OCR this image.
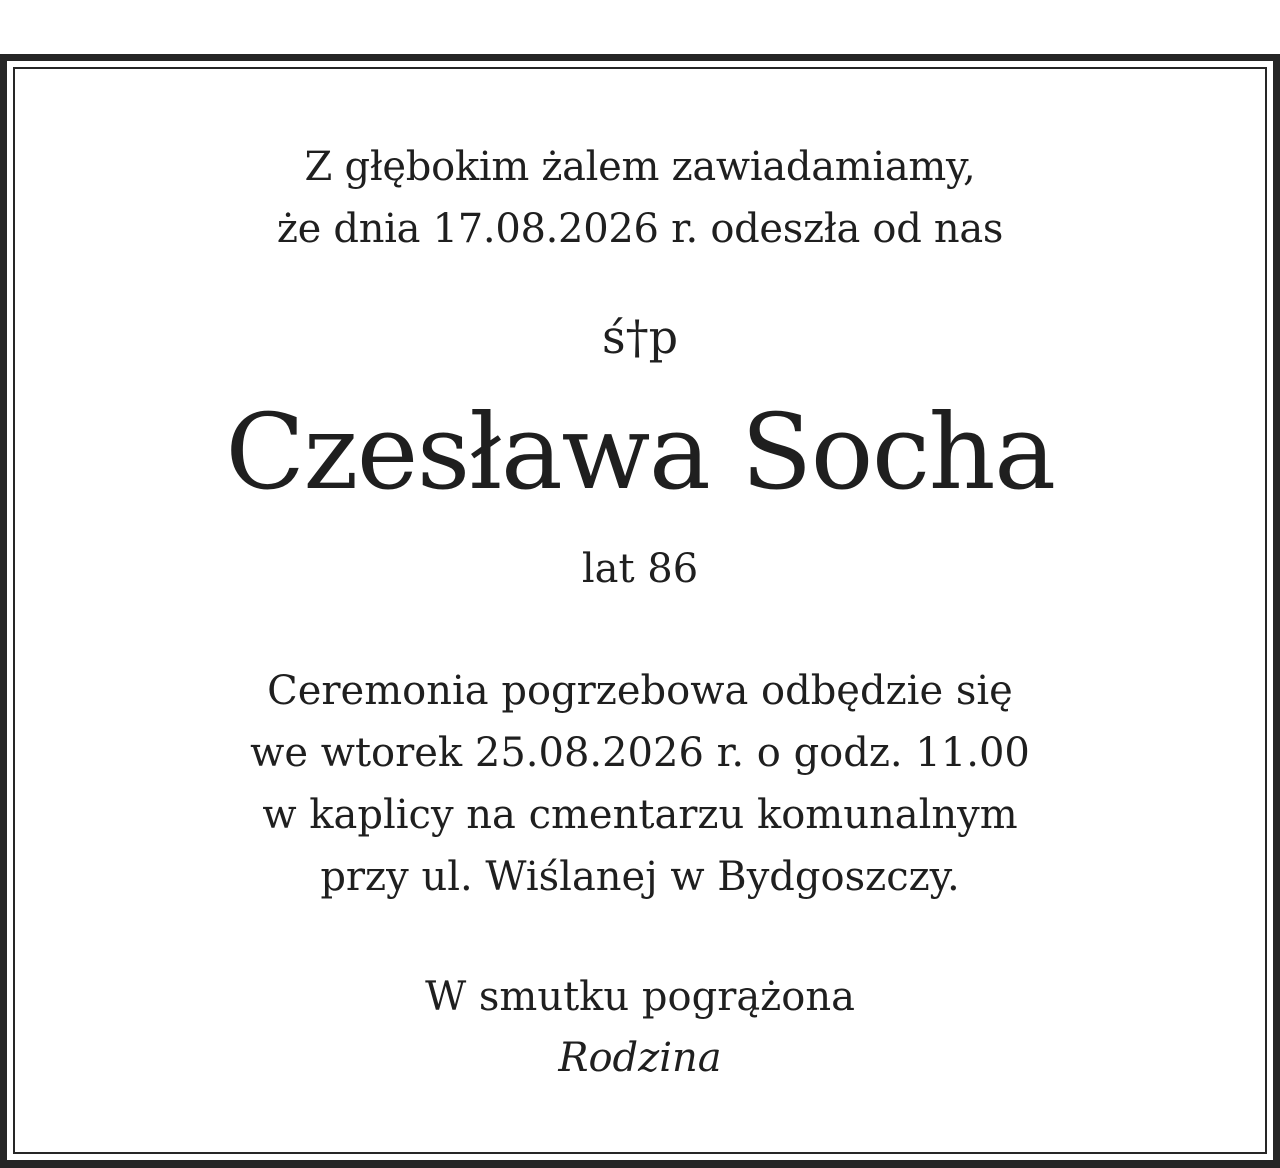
Z głębokim żalem zawiadamiamy,
że dnia 17.08.2026 r. odeszła od nas
ś†p
Czesława Socha
lat 86
Ceremonia pogrzebowa odbędzie się
we wtorek 25.08.2026 r. o godz. 11.00
w kaplicy na cmentarzu komunalnym
przy ul. Wiślanej w Bydgoszczy.
W smutku pogrążona
Rodzina
